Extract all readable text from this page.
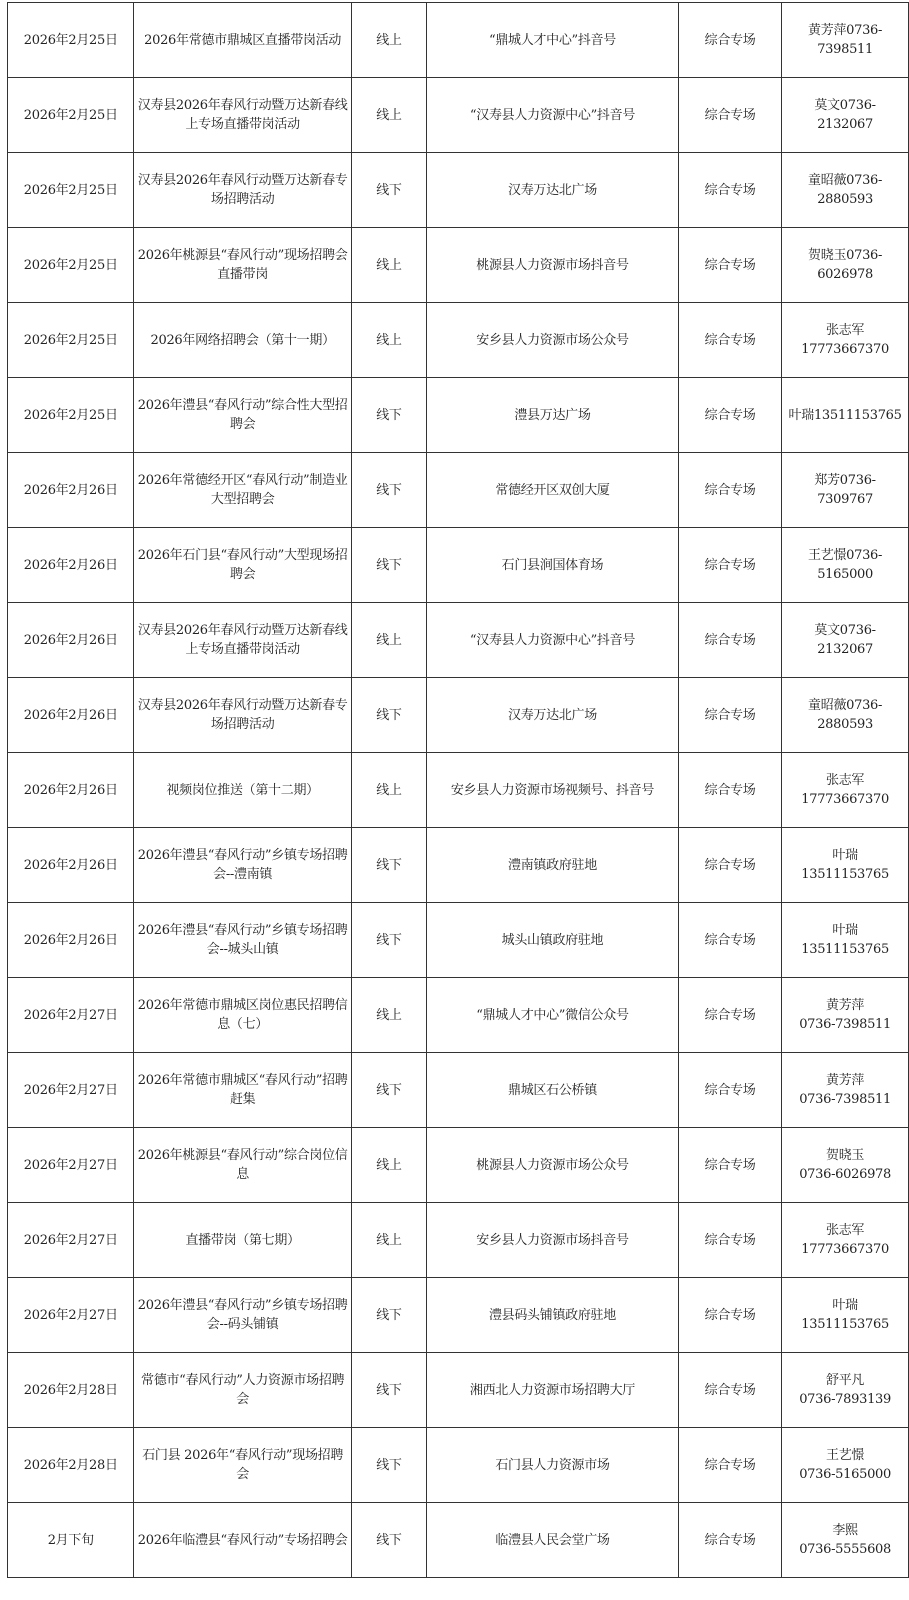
2026年2月25日	2026年常德市鼎城区直播带岗活动	线上	“鼎城人才中心”抖音号	综合专场	黄芳萍0736-
7398511

2026年2月25日	汉寿县2026年春风行动暨万达新春线上专场直播带岗活动	线上	“汉寿县人力资源中心”抖音号	综合专场	莫文0736-
2132067

2026年2月25日	汉寿县2026年春风行动暨万达新春专场招聘活动	线下	汉寿万达北广场	综合专场	童昭薇0736-
2880593

2026年2月25日	2026年桃源县“春风行动”现场招聘会直播带岗	线上	桃源县人力资源市场抖音号	综合专场	贺晓玉0736-
6026978

2026年2月25日	2026年网络招聘会（第十一期）	线上	安乡县人力资源市场公众号	综合专场	张志军
17773667370

2026年2月25日	2026年澧县“春风行动”综合性大型招聘会	线下	澧县万达广场	综合专场	叶瑞13511153765

2026年2月26日	2026年常德经开区“春风行动”制造业大型招聘会	线下	常德经开区双创大厦	综合专场	郑芳0736-
7309767

2026年2月26日	2026年石门县“春风行动”大型现场招聘会	线下	石门县涧国体育场	综合专场	王艺憬0736-
5165000

2026年2月26日	汉寿县2026年春风行动暨万达新春线上专场直播带岗活动	线上	“汉寿县人力资源中心”抖音号	综合专场	莫文0736-
2132067

2026年2月26日	汉寿县2026年春风行动暨万达新春专场招聘活动	线下	汉寿万达北广场	综合专场	童昭薇0736-
2880593

2026年2月26日	视频岗位推送（第十二期）	线上	安乡县人力资源市场视频号、抖音号	综合专场	张志军
17773667370

2026年2月26日	2026年澧县“春风行动”乡镇专场招聘会--澧南镇	线下	澧南镇政府驻地	综合专场	叶瑞
13511153765

2026年2月26日	2026年澧县“春风行动”乡镇专场招聘会--城头山镇	线下	城头山镇政府驻地	综合专场	叶瑞
13511153765

2026年2月27日	2026年常德市鼎城区岗位惠民招聘信息（七）	线上	“鼎城人才中心”微信公众号	综合专场	黄芳萍
0736-7398511

2026年2月27日	2026年常德市鼎城区“春风行动”招聘赶集	线下	鼎城区石公桥镇	综合专场	黄芳萍
0736-7398511

2026年2月27日	2026年桃源县“春风行动”综合岗位信息	线上	桃源县人力资源市场公众号	综合专场	贺晓玉
0736-6026978

2026年2月27日	直播带岗（第七期）	线上	安乡县人力资源市场抖音号	综合专场	张志军
17773667370

2026年2月27日	2026年澧县“春风行动”乡镇专场招聘会--码头铺镇	线下	澧县码头铺镇政府驻地	综合专场	叶瑞
13511153765

2026年2月28日	常德市“春风行动”人力资源市场招聘会	线下	湘西北人力资源市场招聘大厅	综合专场	舒平凡
0736-7893139

2026年2月28日	石门县 2026年“春风行动”现场招聘会	线下	石门县人力资源市场	综合专场	王艺憬
0736-5165000

2月下旬	2026年临澧县“春风行动”专场招聘会	线下	临澧县人民会堂广场	综合专场	李熙
0736-5555608
